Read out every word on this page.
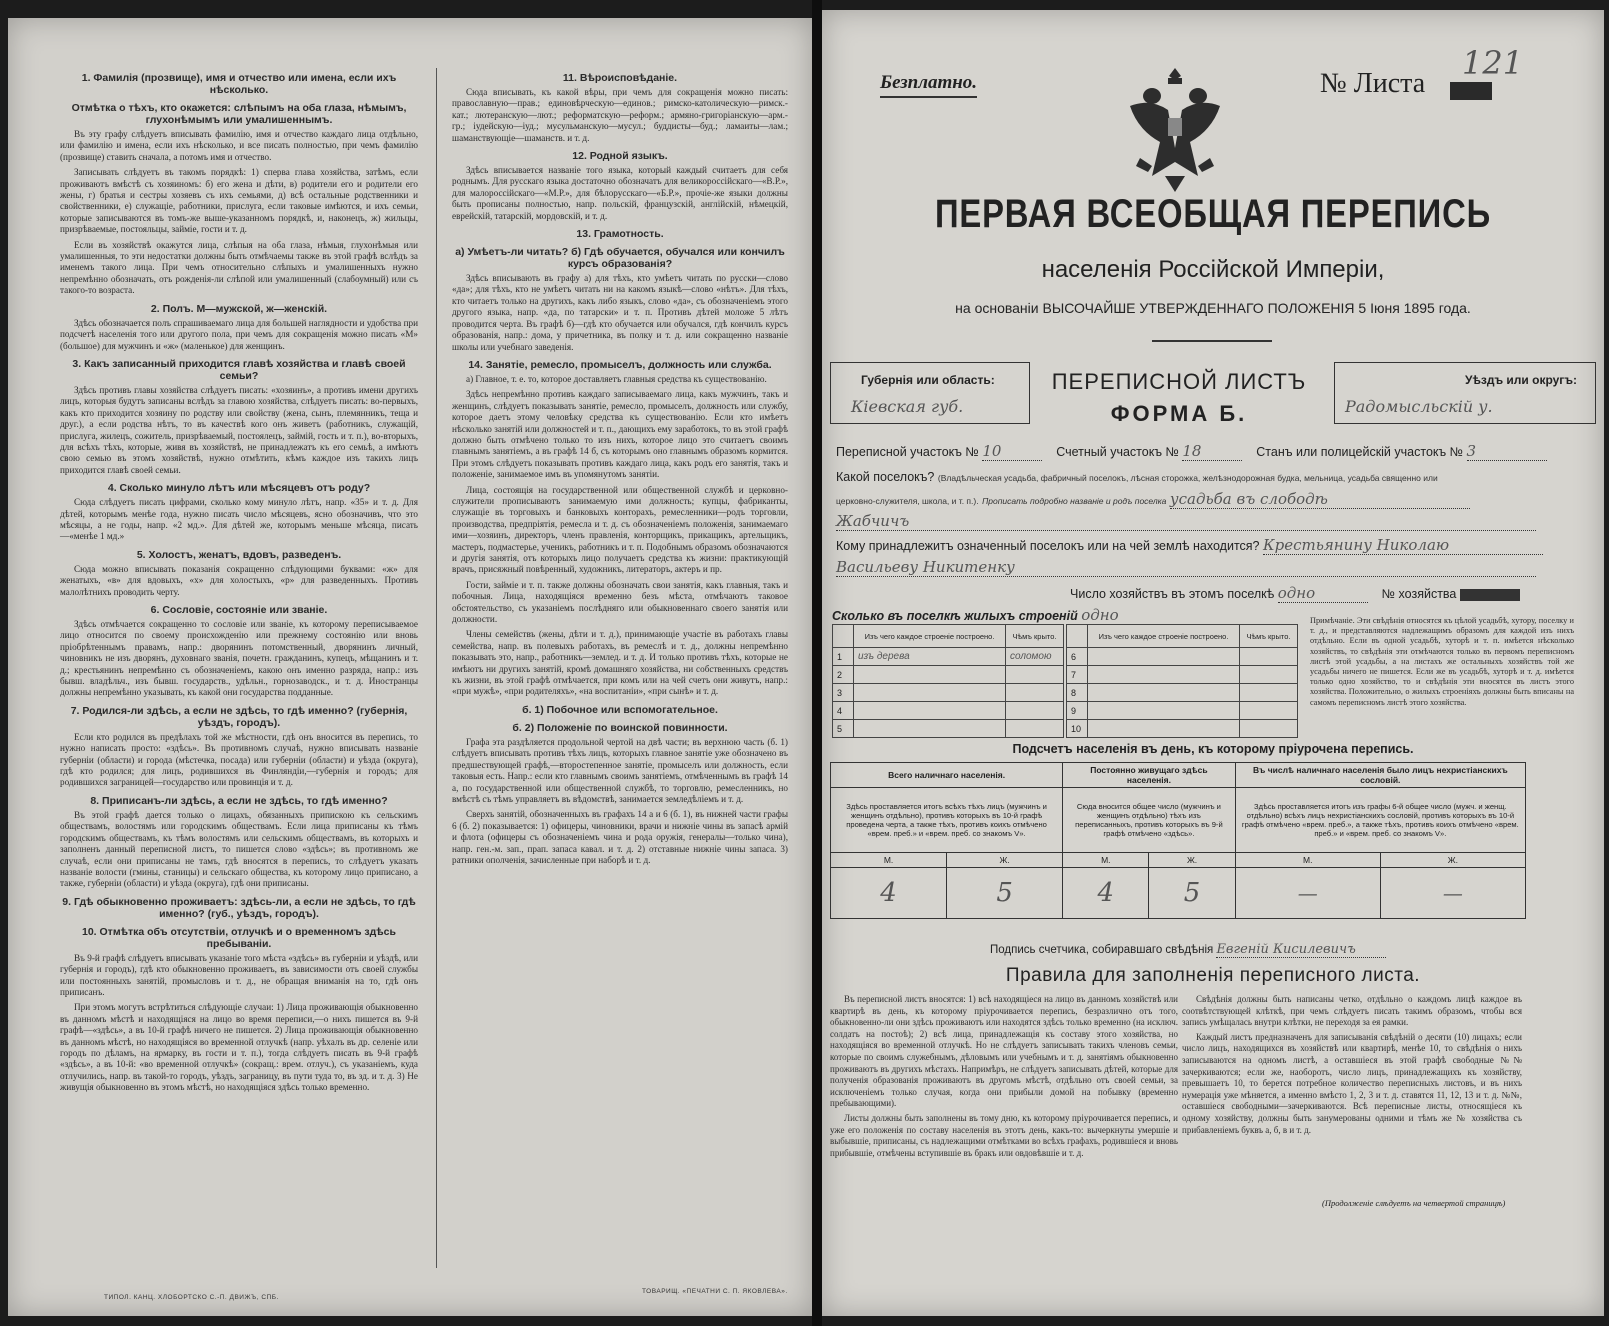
1. Фамилія (прозвище), имя и отчество или имена, если ихъ нѣсколько.
Отмѣтка о тѣхъ, кто окажется: слѣпымъ на оба глаза, нѣмымъ, глухонѣмымъ или умалишеннымъ.

Въ эту графу слѣдуетъ вписывать фамилію, имя и отчество каждаго лица отдѣльно, или фамилію и имена, если ихъ нѣсколько, и все писать полностью, при чемъ фамилію (прозвище) ставить сначала, а потомъ имя и отчество.

Записывать слѣдуетъ въ такомъ порядкѣ: 1) сперва глава хозяйства, затѣмъ, если проживаютъ вмѣстѣ съ хозяиномъ: б) его жена и дѣти, в) родители его и родители его жены, г) братья и сестры хозяевъ съ ихъ семьями, д) всѣ остальные родственники и свойственники, е) служащіе, работники, прислуга, если таковые имѣются, и ихъ семьи, которые записываются въ томъ-же выше-указанномъ порядкѣ, и, наконецъ, ж) жильцы, призрѣваемые, постояльцы, займіе, гости и т. д.

Если въ хозяйствѣ окажутся лица, слѣпыя на оба глаза, нѣмыя, глухонѣмыя или умалишенныя, то эти недостатки должны быть отмѣчаемы также въ этой графѣ вслѣдъ за именемъ такого лица. При чемъ относительно слѣпыхъ и умалишенныхъ нужно непремѣнно обозначать, отъ рожденія-ли слѣпой или умалишенный (слабоумный) или съ такого-то возраста.

2. Полъ. М—мужской, ж—женскій.

Здѣсь обозначается полъ спрашиваемаго лица для большей наглядности и удобства при подсчетѣ населенія того или другого пола, при чемъ для сокращенія можно писать «М» (большое) для мужчинъ и «ж» (маленькое) для женщинъ.

3. Какъ записанный приходится главѣ хозяйства и главѣ своей семьи?

Здѣсь противъ главы хозяйства слѣдуетъ писать: «хозяинъ», а противъ имени другихъ лицъ, которыя будутъ записаны вслѣдъ за главою хозяйства, слѣдуетъ писать: во-первыхъ, какъ кто приходится хозяину по родству или свойству (жена, сынъ, племянникъ, теща и друг.), а если родства нѣтъ, то въ качествѣ кого онъ живетъ (работникъ, служащій, прислуга, жилецъ, сожитель, призрѣваемый, постоялецъ, займій, гость и т. п.), во-вторыхъ, для всѣхъ тѣхъ, которые, живя въ хозяйствѣ, не принадлежатъ къ его семьѣ, а имѣютъ свою семью въ этомъ хозяйствѣ, нужно отмѣтить, кѣмъ каждое изъ такихъ лицъ приходится главѣ своей семьи.

4. Сколько минуло лѣтъ или мѣсяцевъ отъ роду?

Сюда слѣдуетъ писать цифрами, сколько кому минуло лѣтъ, напр. «35» и т. д. Для дѣтей, которымъ менѣе года, нужно писать число мѣсяцевъ, ясно обозначивъ, что это мѣсяцы, а не годы, напр. «2 мд.». Для дѣтей же, которымъ меньше мѣсяца, писать—«менѣе 1 мд.»

5. Холостъ, женатъ, вдовъ, разведенъ.

Сюда можно вписывать показанія сокращенно слѣдующими буквами: «ж» для женатыхъ, «в» для вдовыхъ, «х» для холостыхъ, «р» для разведенныхъ. Противъ малолѣтнихъ проводить черту.

6. Сословіе, состояніе или званіе.

Здѣсь отмѣчается сокращенно то сословіе или званіе, къ которому переписываемое лицо относится по своему происхожденію или прежнему состоянію или вновь пріобрѣтеннымъ правамъ, напр.: дворянинъ потомственный, дворянинъ личный, чиновникъ не изъ дворянъ, духовнаго званія, почетн. гражданинъ, купецъ, мѣщанинъ и т. д.; крестьянинъ непремѣнно съ обозначеніемъ, какою онъ именно разряда, напр.: изъ бывш. владѣльч., изъ бывш. государств., удѣльн., горнозаводск., и т. д. Иностранцы должны непремѣнно указывать, къ какой они государства подданные.

7. Родился-ли здѣсь, а если не здѣсь, то гдѣ именно? (губернія, уѣздъ, городъ).

Если кто родился въ предѣлахъ той же мѣстности, гдѣ онъ вносится въ перепись, то нужно написать просто: «здѣсь». Въ противномъ случаѣ, нужно вписывать названіе губерніи (области) и города (мѣстечка, посада) или губерніи (области) и уѣзда (округа), гдѣ кто родился; для лицъ, родившихся въ Финляндіи,—губернія и городъ; для родившихся заграницей—государство или провинція и т. д.

8. Приписанъ-ли здѣсь, а если не здѣсь, то гдѣ именно?

Въ этой графѣ дается только о лицахъ, обязанныхъ припискою къ сельскимъ обществамъ, волостямъ или городскимъ обществамъ. Если лица приписаны къ тѣмъ городскимъ обществамъ, къ тѣмъ волостямъ или сельскимъ обществамъ, въ которыхъ и заполненъ данный переписной листъ, то пишется слово «здѣсь»; въ противномъ же случаѣ, если они приписаны не тамъ, гдѣ вносятся в перепись, то слѣдуетъ указать названіе волости (гмины, станицы) и сельскаго общества, къ которому лицо приписано, а также, губерніи (области) и уѣзда (округа), гдѣ они приписаны.

9. Гдѣ обыкновенно проживаетъ: здѣсь-ли, а если не здѣсь, то гдѣ именно? (губ., уѣздъ, городъ).
10. Отмѣтка объ отсутствіи, отлучкѣ и о временномъ здѣсь пребываніи.

Въ 9-й графѣ слѣдуетъ вписывать указаніе того мѣста «здѣсь» въ губерніи и уѣздѣ, или губернія и городъ), гдѣ кто обыкновенно проживаетъ, въ зависимости отъ своей службы или постоянныхъ занятій, промысловъ и т. д., не обращая вниманія на то, гдѣ онъ приписанъ.

При этомъ могутъ встрѣтиться слѣдующіе случаи: 1) Лица проживающія обыкновенно въ данномъ мѣстѣ и находящіяся на лицо во время переписи,—о нихъ пишется въ 9-й графѣ—«здѣсь», а въ 10-й графѣ ничего не пишется. 2) Лица проживающія обыкновенно въ данномъ мѣстѣ, но находящіяся во временной отлучкѣ (напр. уѣхалъ въ др. селеніе или городъ по дѣламъ, на ярмарку, въ гости и т. п.), тогда слѣдуетъ писать въ 9-й графѣ «здѣсь», а въ 10-й: «во временной отлучкѣ» (сокращ.: врем. отлуч.), съ указаніемъ, куда отлучились, напр. въ такой-то городъ, уѣздъ, заграницу, въ пути туда то, въ зд. и т. д. 3) Не живущія обыкновенно въ этомъ мѣстѣ, но находящіяся здѣсь только временно.

11. Вѣроисповѣданіе.

Сюда вписывать, къ какой вѣры, при чемъ для сокращенія можно писать: православную—прав.; единовѣрческую—единов.; римско-католическую—римск.-кат.; лютеранскую—лют.; реформатскую—реформ.; армяно-григоріанскую—арм.-гр.; іудейскую—іуд.; мусульманскую—мусул.; буддисты—буд.; ламаиты—лам.; шаманствующіе—шаманств. и т. д.

12. Родной языкъ.

Здѣсь вписывается названіе того языка, который каждый считаетъ для себя роднымъ. Для русскаго языка достаточно обозначатъ для великороссійскаго—«В.Р.», для малороссійскаго—«М.Р.», для бѣлорусскаго—«Б.Р.», прочіе-же языки должны быть прописаны полностью, напр. польскій, французскій, англійскій, нѣмецкій, еврейскій, татарскій, мордовскій, и т. д.

13. Грамотность.
а) Умѣетъ-ли читать? б) Гдѣ обучается, обучался или кончилъ курсъ образованія?

Здѣсь вписывають въ графу а) для тѣхъ, кто умѣетъ читать по русски—слово «да»; для тѣхъ, кто не умѣетъ читать ни на какомъ языкѣ—слово «нѣтъ». Для тѣхъ, кто читаетъ только на другихъ, какъ либо языкъ, слово «да», съ обозначеніемъ этого другого языка, напр. «да, по татарски» и т. п. Противъ дѣтей моложе 5 лѣтъ проводится черта. Въ графѣ б)—гдѣ кто обучается или обучался, гдѣ кончилъ курсъ образованія, напр.: дома, у причетника, въ полку и т. д. или сокращенно названіе школы или учебнаго заведенія.

14. Занятіе, ремесло, промыселъ, должность или служба.

а) Главное, т. е. то, которое доставляетъ главныя средства къ существованію.

Здѣсь непремѣнно противъ каждаго записываемаго лица, какъ мужчинъ, такъ и женщинъ, слѣдуетъ показывать занятіе, ремесло, промыселъ, должность или службу, которое даетъ этому человѣку средства къ существованію. Если кто имѣетъ нѣсколько занятій или должностей и т. п., дающихъ ему заработокъ, то въ этой графѣ должно быть отмѣчено только то изъ нихъ, которое лицо это считаетъ своимъ главнымъ занятіемъ, а въ графѣ 14 б, съ которымъ оно главнымъ образомъ кормится. При этомъ слѣдуетъ показывать противъ каждаго лица, какъ родъ его занятія, такъ и положеніе, занимаемое имъ въ упомянутомъ занятіи.

Лица, состоящія на государственной или общественной службѣ и церковно-служители прописываютъ занимаемую ими должность; купцы, фабриканты, служащіе въ торговыхъ и банковыхъ конторахъ, ремесленники—родъ торговли, производства, предпріятія, ремесла и т. д. съ обозначеніемъ положенія, занимаемаго ими—хозяинъ, директоръ, членъ правленія, конторщикъ, прикащикъ, артельщикъ, мастеръ, подмастерье, ученикъ, работникъ и т. п. Подобнымъ образомъ обозначаются и другія занятія, отъ которыхъ лицо получаетъ средства къ жизни: практикующій врачъ, присяжный повѣренный, художникъ, литераторъ, актеръ и пр.

Гости, займіе и т. п. также должны обозначать свои занятія, какъ главныя, такъ и побочныя. Лица, находящіяся временно безъ мѣста, отмѣчаютъ таковое обстоятельство, съ указаніемъ послѣдняго или обыкновеннаго своего занятія или должности.

Члены семействъ (жены, дѣти и т. д.), принимающіе участіе въ работахъ главы семейства, напр. въ полевыхъ работахъ, въ ремеслѣ и т. д., должны непремѣнно показывать это, напр., работникъ—землед. и т. д. И только противъ тѣхъ, которые не имѣютъ ни другихъ занятій, кромѣ домашняго хозяйства, ни собственныхъ средствъ къ жизни, въ этой графѣ отмѣчается, при комъ или на чей счетъ они живутъ, напр.: «при мужѣ», «при родителяхъ», «на воспитаніи», «при сынѣ» и т. д.

б. 1) Побочное или вспомогательное.
б. 2) Положеніе по воинской повинности.

Графа эта раздѣляется продольной чертой на двѣ части; въ верхнюю часть (б. 1) слѣдуетъ вписывать противъ тѣхъ лицъ, которыхъ главное занятіе уже обозначено въ предшествующей графѣ,—второстепенное занятіе, промыселъ или должность, если таковыя есть. Напр.: если кто главнымъ своимъ занятіемъ, отмѣченнымъ въ графѣ 14 а, по государственной или общественной службѣ, то торговлю, ремесленникъ, но вмѣстѣ съ тѣмъ управляетъ въ вѣдомствѣ, занимается земледѣліемъ и т. д.

Сверхъ занятій, обозначенныхъ въ графахъ 14 а и 6 (б. 1), въ нижней части графы 6 (б. 2) показывается: 1) офицеры, чиновники, врачи и нижніе чины въ запасѣ армій и флота (офицеры съ обозначеніемъ чина и рода оружія, генералы—только чина), напр. ген.-м. зап., прап. запаса кавал. и т. д. 2) отставные нижніе чины запаса. 3) ратники ополченія, зачисленные при наборѣ и т. д.

ТИПОЛ. КАНЦ. ХЛОБОРТСКО С.-П. ДВИЖЪ, СПБ.
ТОВАРИЩ. «ПЕЧАТНИ С. П. ЯКОВЛЕВА».
Безплатно.	№ Листа
121
ПЕРВАЯ ВСЕОБЩАЯ ПЕРЕПИСЬ
населенія Россійской Имперіи,
на основаніи ВЫСОЧАЙШЕ УТВЕРЖДЕННАГО ПОЛОЖЕНІЯ 5 Іюня 1895 года.
Губернія или область:
Кіевская губ.
ПЕРЕПИСНОЙ ЛИСТЪ
ФОРМА Б.
Уѣздъ или округъ:
Радомысльскій у.
Переписной участокъ № 10	Счетный участокъ № 18	Станъ или полицейскій участокъ № 3
Какой поселокъ? (Владѣльческая усадьба, фабричный поселокъ, лѣсная сторожка, желѣзнодорожная будка, мельница, усадьба священно или
церковно-служителя, школа, и т. п.). Прописать подробно названіе и родъ поселка усадьба въ слободѣ
Жабчичъ
Кому принадлежитъ означенный поселокъ или на чей землѣ находится? Крестьянину Николаю
Васильеву Никитенку
Число хозяйствъ въ этомъ поселкѣ одно	№ хозяйства
Сколько въ поселкѣ жилыхъ строеній одно
	Изъ чего каждое строеніе построено.	Чѣмъ крыто.
1	изъ дерева	соломою
2		
3		
4		
5		
	Изъ чего каждое строеніе построено.	Чѣмъ крыто.
6		
7		
8		
9		
10		
Примѣчаніе. Эти свѣдѣнія относятся къ цѣлой усадьбѣ, хутору, поселку и т. д., и представляются надлежащимъ образомъ для каждой изъ нихъ отдѣльно. Если въ одной усадьбѣ, хуторѣ и т. п. имѣется нѣсколько хозяйствъ, то свѣдѣнія эти отмѣчаются только въ первомъ переписномъ листѣ этой усадьбы, а на листахъ же остальныхъ хозяйствъ той же усадьбы ничего не пишется. Если же въ усадьбѣ, хуторѣ и т. д. имѣется только одно хозяйство, то и свѣдѣнія эти вносятся въ листъ этого хозяйства. Положительно, о жилыхъ строеніяхъ должны быть вписаны на самомъ переписномъ листѣ этого хозяйства.
Подсчетъ населенія въ день, къ которому пріурочена перепись.
Всего наличнаго населенія.		Постоянно живущаго здѣсь населенія.		Въ числѣ наличнаго населенія было лицъ нехристіанскихъ сословій.	
Здѣсь проставляется итогъ всѣхъ тѣхъ лицъ (мужчинъ и женщинъ отдѣльно), противъ которыхъ въ 10-й графѣ проведена черта, а также тѣхъ, противъ коихъ отмѣчено «врем. преб.» и «врем. преб. со знакомъ V».		Сюда вносится общее число (мужчинъ и женщинъ отдѣльно) тѣхъ изъ переписанныхъ, противъ которыхъ въ 9-й графѣ отмѣчено «здѣсь».		Здѣсь проставляется итогъ изъ графы 6-й общее число (мужч. и женщ. отдѣльно) всѣхъ лицъ нехристіанскихъ сословій, противъ которыхъ въ 10-й графѣ отмѣчено «врем. преб.», а также тѣхъ, противъ коихъ отмѣчено «врем. преб.» и «врем. преб. со знакомъ V».	
М.	Ж.	М.	Ж.	М.	Ж.
4	5	4	5	—	—
Подпись счетчика, собиравшаго свѣдѣнія Евгеній Кисилевичъ
Правила для заполненія переписного листа.

Въ переписной листъ вносятся: 1) всѣ находящіеся на лицо въ данномъ хозяйствѣ или квартирѣ въ день, къ которому пріурочивается перепись, безразлично отъ того, обыкновенно-ли они здѣсь проживаютъ или находятся здѣсь только временно (на исключ. солдатъ на постоѣ); 2) всѣ лица, принадлежащія къ составу этого хозяйства, но находящіяся во временной отлучкѣ. Но не слѣдуетъ записывать такихъ членовъ семьи, которые по своимъ служебнымъ, дѣловымъ или учебнымъ и т. д. занятіямъ обыкновенно проживаютъ въ другихъ мѣстахъ. Напримѣръ, не слѣдуетъ записывать дѣтей, которые для полученія образованія проживаютъ въ другомъ мѣстѣ, отдѣльно отъ своей семьи, за исключеніемъ только случая, когда они прибыли домой на побывку (временно пребывающими).

Листы должны быть заполнены въ тому дню, къ которому пріурочивается перепись, и уже его положенія по составу населенія въ этотъ день, какъ-то: вычеркнуты умершіе и выбывшіе, приписаны, съ надлежащими отмѣтками во всѣхъ графахъ, родившіеся и вновь прибывшіе, отмѣчены вступившіе въ бракъ или овдовѣвшіе и т. д.

Свѣдѣнія должны быть написаны четко, отдѣльно о каждомъ лицѣ каждое въ соотвѣтствующей клѣткѣ, при чемъ слѣдуетъ писать такимъ образомъ, чтобы вся запись умѣщалась внутри клѣтки, не переходя за ея рамки.

Каждый листъ предназначенъ для записыванія свѣдѣній о десяти (10) лицахъ; если число лицъ, находящихся въ хозяйствѣ или квартирѣ, менѣе 10, то свѣдѣнія о нихъ записываются на одномъ листѣ, а оставшіеся въ этой графѣ свободные №№ зачеркиваются; если же, наоборотъ, число лицъ, принадлежащихъ къ хозяйству, превышаетъ 10, то берется потребное количество переписныхъ листовъ, и въ нихъ нумерація уже мѣняется, а именно вмѣсто 1, 2, 3 и т. д. ставятся 11, 12, 13 и т. д. №№, оставшіеся свободными—зачеркиваются. Всѣ переписные листы, относящіеся къ одному хозяйству, должны быть занумерованы одними и тѣмъ же № хозяйства съ прибавленіемъ буквъ а, б, в и т. д.

(Продолженіе слѣдуетъ на четвертой страницѣ)
